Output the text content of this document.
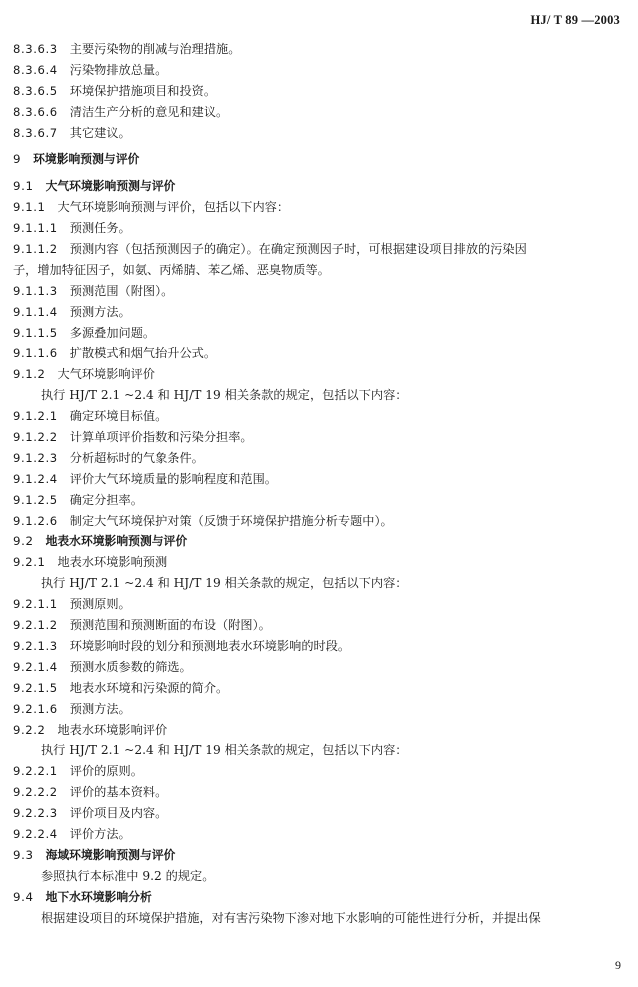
HJ/ T 89 —2003
8.3.6.3 主要污染物的削减与治理措施。
8.3.6.4 污染物排放总量。
8.3.6.5 环境保护措施项目和投资。
8.3.6.6 清洁生产分析的意见和建议。
8.3.6.7 其它建议。
9 环境影响预测与评价
9.1 大气环境影响预测与评价
9.1.1 大气环境影响预测与评价，包括以下内容：
9.1.1.1 预测任务。
9.1.1.2 预测内容（包括预测因子的确定）。在确定预测因子时，可根据建设项目排放的污染因
子，增加特征因子，如氨、丙烯腈、苯乙烯、恶臭物质等。
9.1.1.3 预测范围（附图）。
9.1.1.4 预测方法。
9.1.1.5 多源叠加问题。
9.1.1.6 扩散模式和烟气抬升公式。
9.1.2 大气环境影响评价
执行 HJ/T 2.1 ~2.4 和 HJ/T 19 相关条款的规定，包括以下内容：
9.1.2.1 确定环境目标值。
9.1.2.2 计算单项评价指数和污染分担率。
9.1.2.3 分析超标时的气象条件。
9.1.2.4 评价大气环境质量的影响程度和范围。
9.1.2.5 确定分担率。
9.1.2.6 制定大气环境保护对策（反馈于环境保护措施分析专题中）。
9.2 地表水环境影响预测与评价
9.2.1 地表水环境影响预测
执行 HJ/T 2.1 ~2.4 和 HJ/T 19 相关条款的规定，包括以下内容：
9.2.1.1 预测原则。
9.2.1.2 预测范围和预测断面的布设（附图）。
9.2.1.3 环境影响时段的划分和预测地表水环境影响的时段。
9.2.1.4 预测水质参数的筛选。
9.2.1.5 地表水环境和污染源的简介。
9.2.1.6 预测方法。
9.2.2 地表水环境影响评价
执行 HJ/T 2.1 ~2.4 和 HJ/T 19 相关条款的规定，包括以下内容：
9.2.2.1 评价的原则。
9.2.2.2 评价的基本资料。
9.2.2.3 评价项目及内容。
9.2.2.4 评价方法。
9.3 海域环境影响预测与评价
参照执行本标准中 9.2 的规定。
9.4 地下水环境影响分析
根据建设项目的环境保护措施，对有害污染物下渗对地下水影响的可能性进行分析，并提出保
9
